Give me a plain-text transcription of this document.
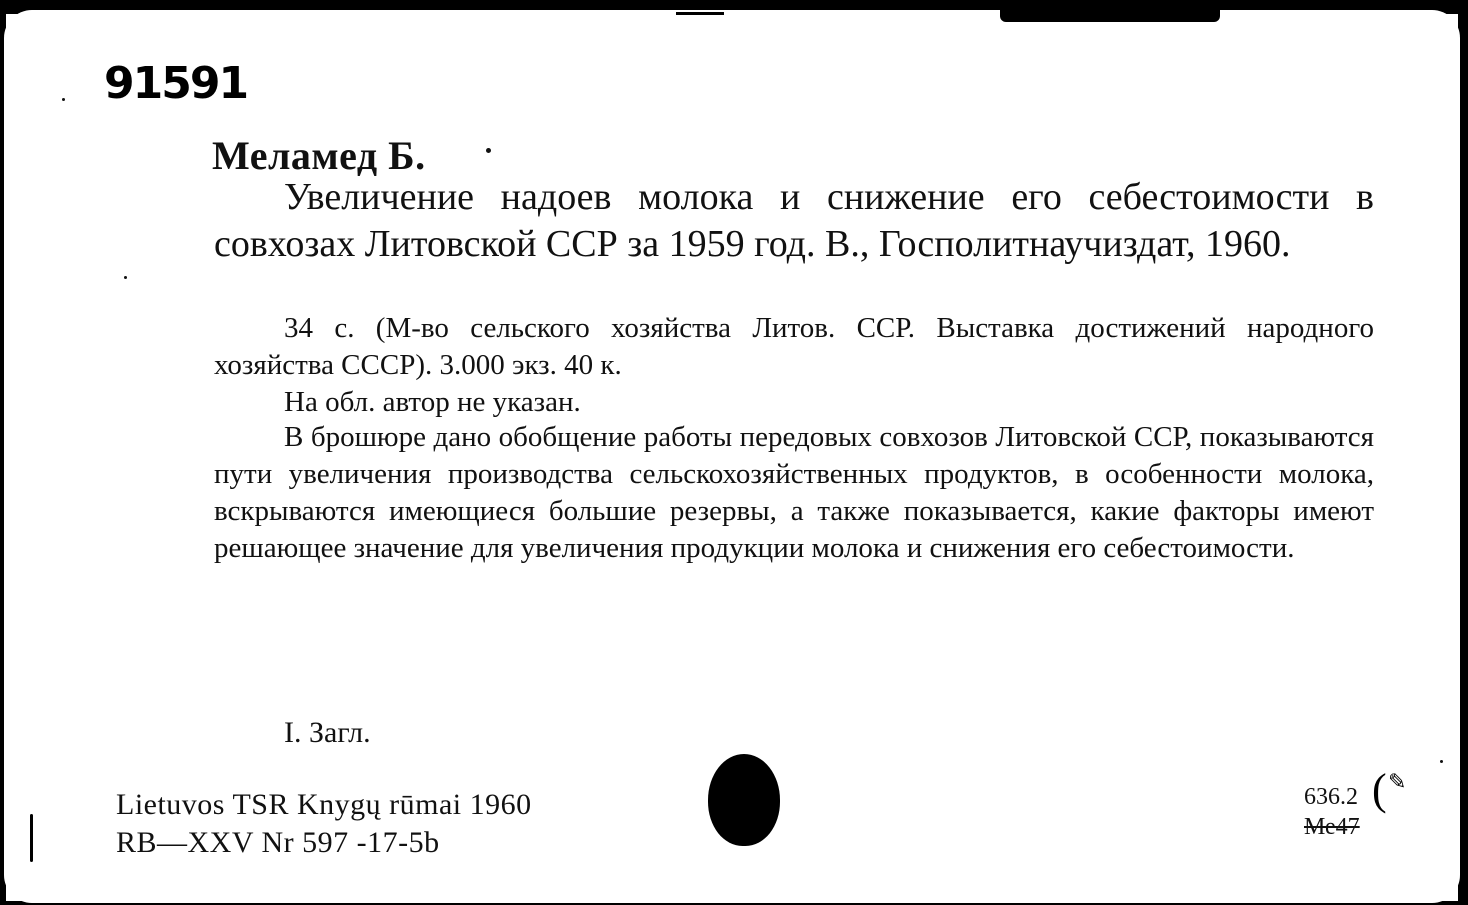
91591
Меламед Б.
Увеличение надоев молока и снижение его себестоимости в совхозах Литовской ССР за 1959 год. В., Госполитнаучиздат, 1960.
34 с. (М-во сельского хозяйства Литов. ССР. Выставка достижений народного хозяйства СССР). 3.000 экз. 40 к.
На обл. автор не указан.
В брошюре дано обобщение работы передовых совхозов Литовской ССР, показываются пути увеличения производства сельскохозяйственных продуктов, в особенности молока, вскрываются имеющиеся большие резервы, а также показывается, какие факторы имеют решающее значение для увеличения продукции молока и снижения его себестоимости.
I. Загл.
Lietuvos TSR Knygų rūmai 1960
RB—XXV Nr 597 -17-5b
636.2
Ме47
( ✎
